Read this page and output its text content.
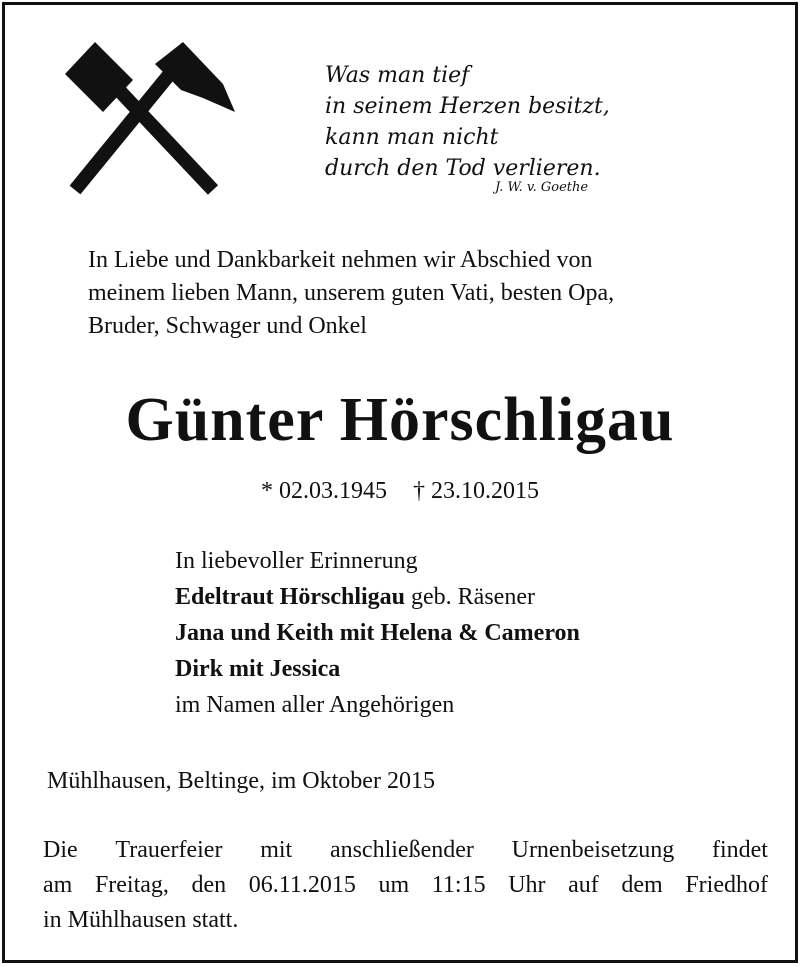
Was man tief
in seinem Herzen besitzt,
kann man nicht
durch den Tod verlieren.
J. W. v. Goethe
In Liebe und Dankbarkeit nehmen wir Abschied von
meinem lieben Mann, unserem guten Vati, besten Opa,
Bruder, Schwager und Onkel
Günter Hörschligau
* 02.03.1945 † 23.10.2015
In liebevoller Erinnerung
Edeltraut Hörschligau geb. Räsener
Jana und Keith mit Helena & Cameron
Dirk mit Jessica
im Namen aller Angehörigen
Mühlhausen, Beltinge, im Oktober 2015
Die Trauerfeier mit anschließender Urnenbeisetzung findet
am Freitag, den 06.11.2015 um 11:15 Uhr auf dem Friedhof
in Mühlhausen statt.
